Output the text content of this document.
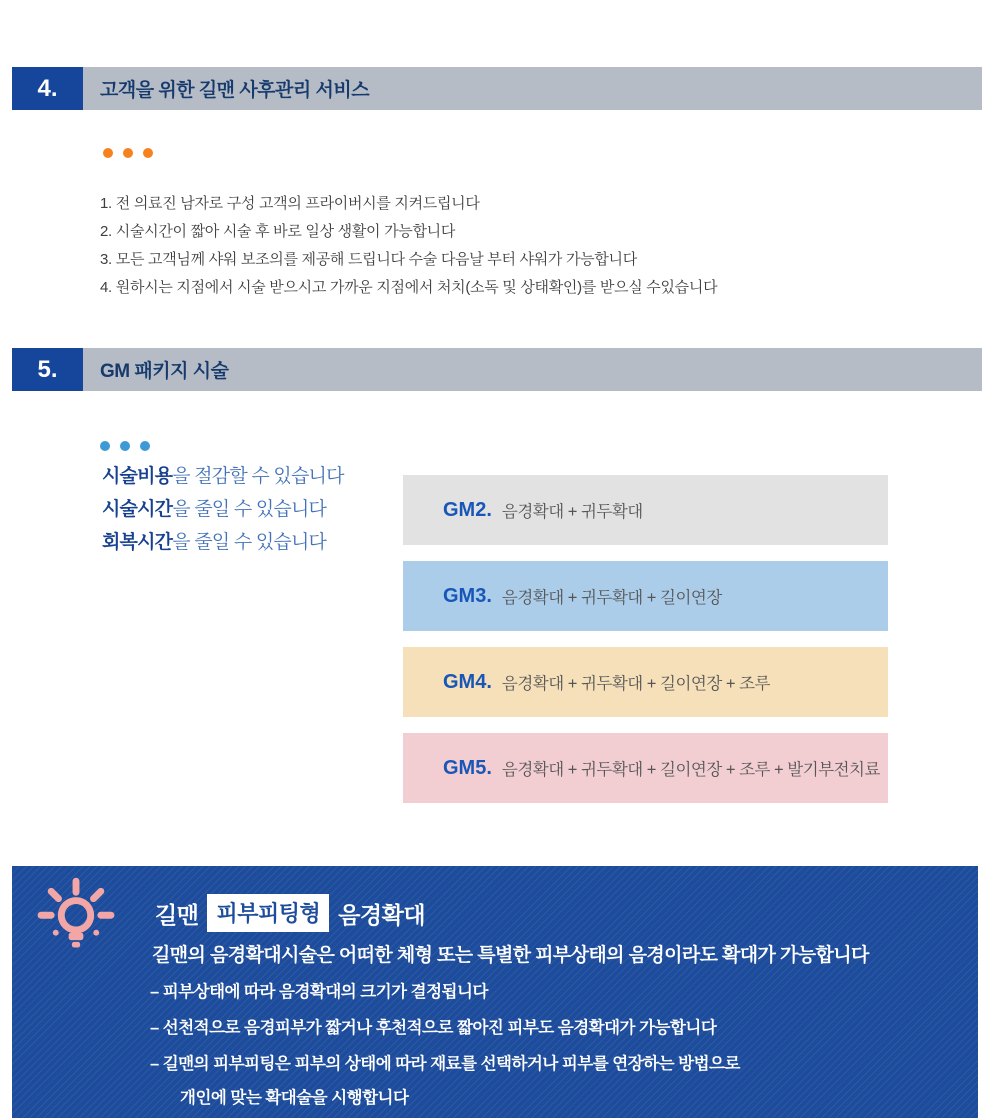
4.	고객을 위한 길맨 사후관리 서비스
1. 전 의료진 남자로 구성 고객의 프라이버시를 지켜드립니다
2. 시술시간이 짧아 시술 후 바로 일상 생활이 가능합니다
3. 모든 고객님께 샤워 보조의를 제공해 드립니다 수술 다음날 부터 샤워가 가능합니다
4. 원하시는 지점에서 시술 받으시고 가까운 지점에서 처치(소독 및 상태확인)를 받으실 수있습니다
5.	GM 패키지 시술
시술비용을 절감할 수 있습니다
시술시간을 줄일 수 있습니다
회복시간을 줄일 수 있습니다
GM2. 음경확대 + 귀두확대
GM3. 음경확대 + 귀두확대 + 길이연장
GM4. 음경확대 + 귀두확대 + 길이연장 + 조루
GM5. 음경확대 + 귀두확대 + 길이연장 + 조루 + 발기부전치료
길맨 피부피팅형 음경확대
길맨의 음경확대시술은 어떠한 체형 또는 특별한 피부상태의 음경이라도 확대가 가능합니다
– 피부상태에 따라 음경확대의 크기가 결정됩니다
– 선천적으로 음경피부가 짧거나 후천적으로 짧아진 피부도 음경확대가 가능합니다
– 길맨의 피부피팅은 피부의 상태에 따라 재료를 선택하거나 피부를 연장하는 방법으로
개인에 맞는 확대술을 시행합니다
